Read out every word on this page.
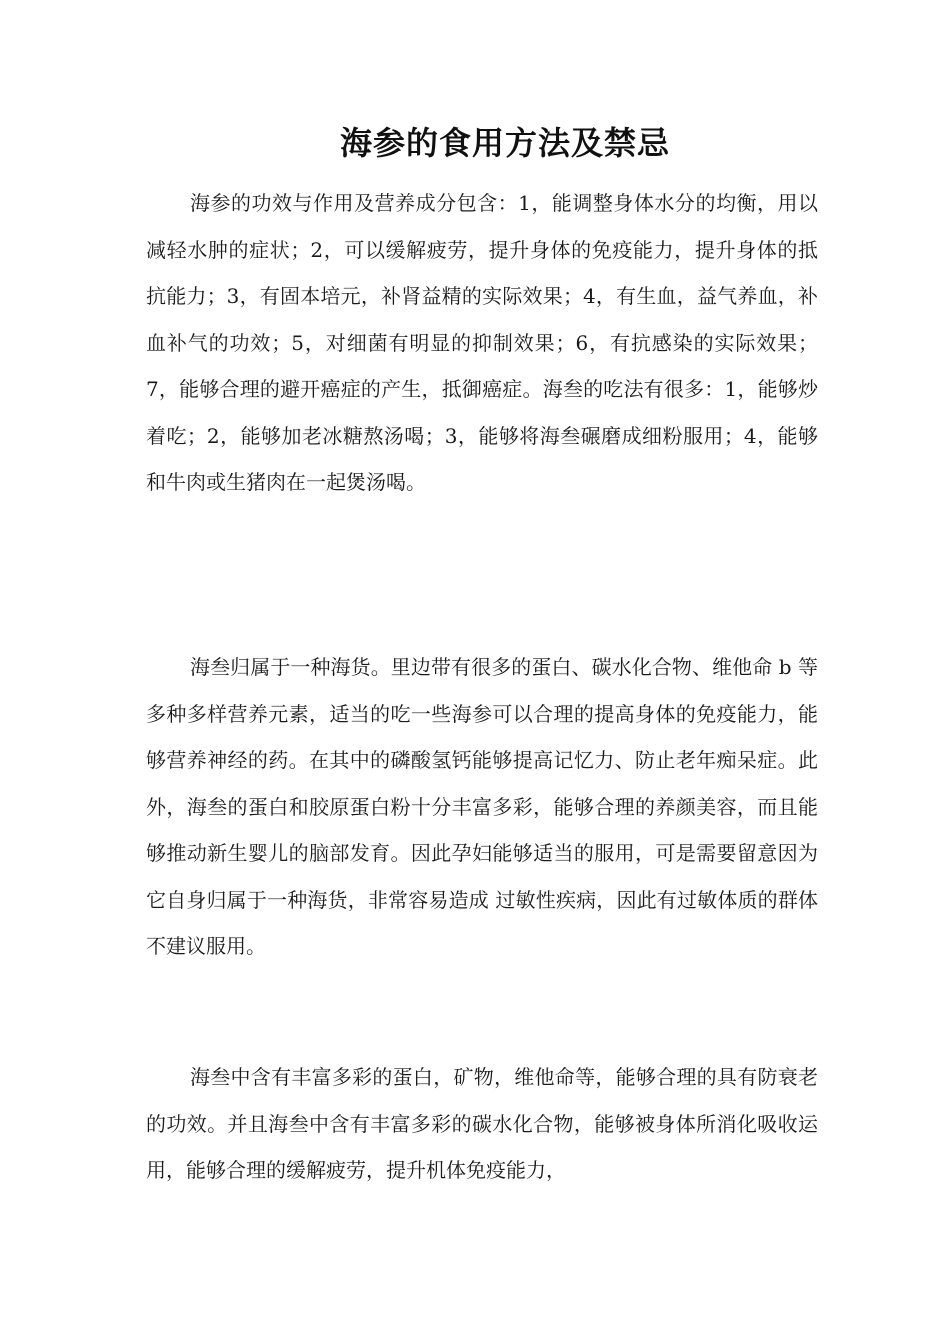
海参的食用方法及禁忌

海参的功效与作用及营养成分包含：1，能调整身体水分的均衡，用以减轻水肿的症状；2，可以缓解疲劳，提升身体的免疫能力，提升身体的抵抗能力；3，有固本培元，补肾益精的实际效果；4，有生血，益气养血，补血补气的功效；5，对细菌有明显的抑制效果；6，有抗感染的实际效果；7，能够合理的避开癌症的产生，抵御癌症。海叁的吃法有很多：1，能够炒着吃；2，能够加老冰糖熬汤喝；3，能够将海叁碾磨成细粉服用；4，能够和牛肉或生猪肉在一起煲汤喝。

海叁归属于一种海货。里边带有很多的蛋白、碳水化合物、维他命 b 等多种多样营养元素，适当的吃一些海参可以合理的提高身体的免疫能力，能够营养神经的药。在其中的磷酸氢钙能够提高记忆力、防止老年痴呆症。此外，海叁的蛋白和胶原蛋白粉十分丰富多彩，能够合理的养颜美容，而且能够推动新生婴儿的脑部发育。因此孕妇能够适当的服用，可是需要留意因为它自身归属于一种海货，非常容易造成 过敏性疾病，因此有过敏体质的群体不建议服用。

海叁中含有丰富多彩的蛋白，矿物，维他命等，能够合理的具有防衰老的功效。并且海叁中含有丰富多彩的碳水化合物，能够被身体所消化吸收运用，能够合理的缓解疲劳，提升机体免疫能力，
